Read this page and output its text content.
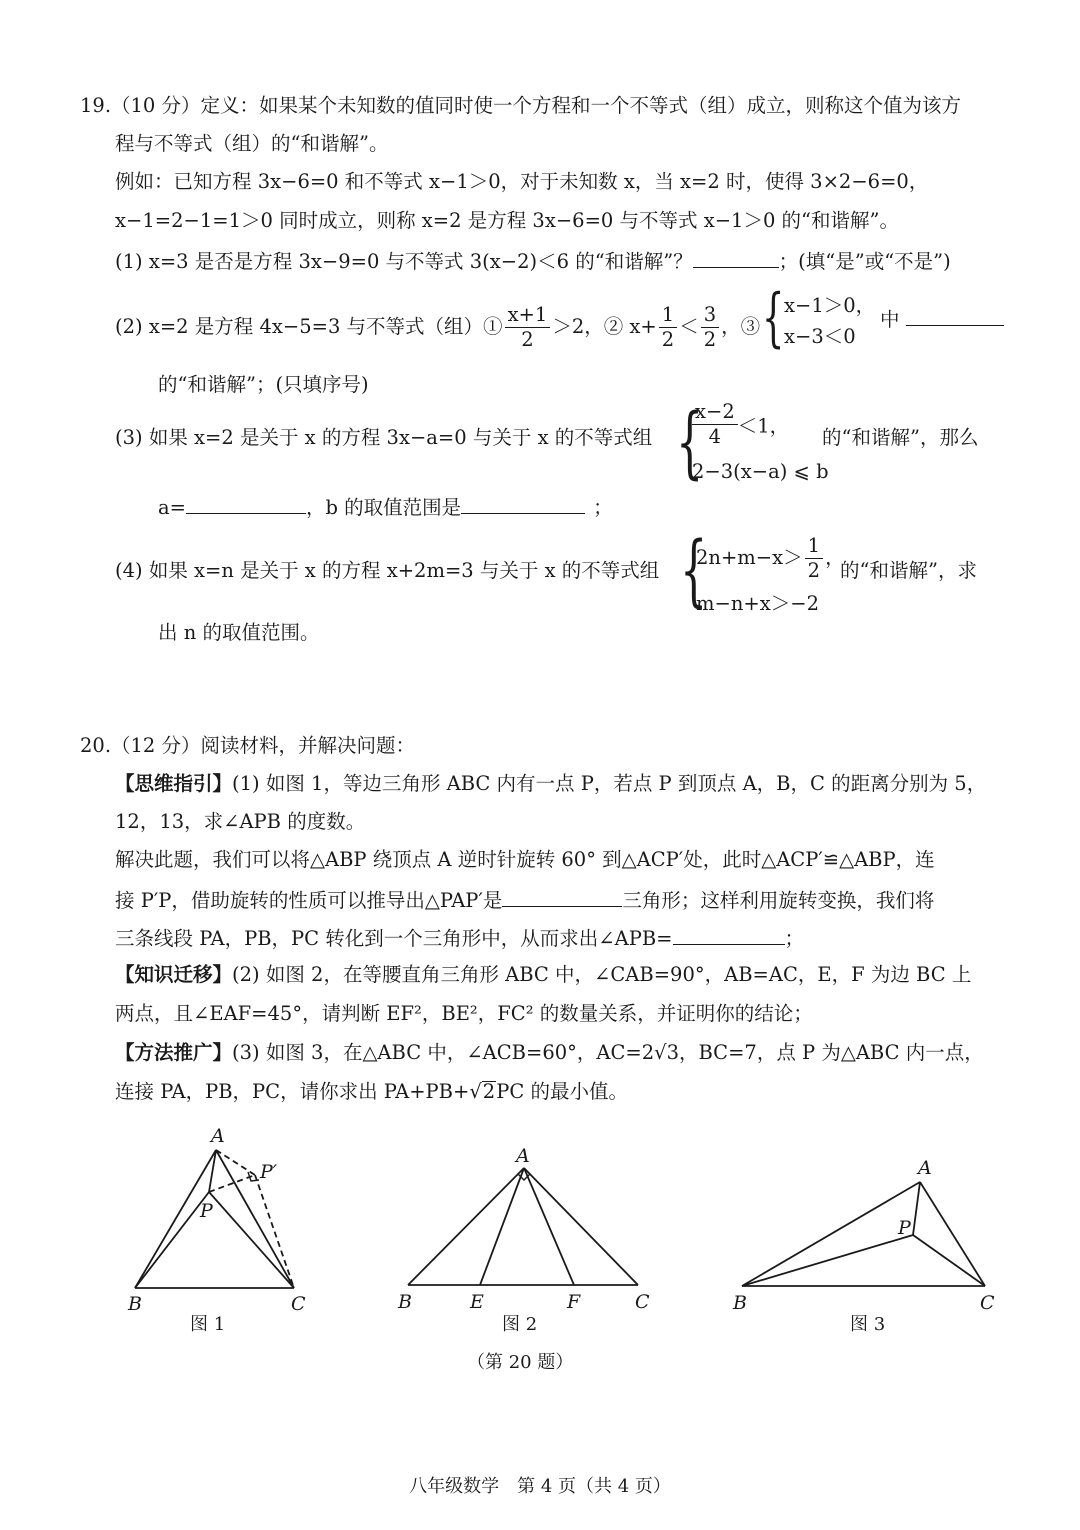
19.（10 分）定义：如果某个未知数的值同时使一个方程和一个不等式（组）成立，则称这个值为该方
程与不等式（组）的“和谐解”。
例如：已知方程 3x−6=0 和不等式 x−1＞0，对于未知数 x，当 x=2 时，使得 3×2−6=0，
x−1=2−1=1＞0 同时成立，则称 x=2 是方程 3x−6=0 与不等式 x−1＞0 的“和谐解”。
(1) x=3 是否是方程 3x−9=0 与不等式 3(x−2)＜6 的“和谐解”？	；(填“是”或“不是”)
(2) x=2 是方程 4x−5=3 与不等式（组）① $\frac{x+1}{2} >2$，② $x+ \frac{1}{2} < \frac{3}{2}$ ，③ { x−1＞0，
x−3＜0
中
的“和谐解”；(只填序号)
(3) 如果 x=2 是关于 x 的方程 3x−a=0 与关于 x 的不等式组 {
$\frac{x-2}{4} <1$，
2−3(x−a) ⩽ b
的“和谐解”，那么
a=	，b 的取值范围是	；
(4) 如果 x=n 是关于 x 的方程 x+2m=3 与关于 x 的不等式组 {
$2n+m-x> \frac{1}{2}$ ，
m−n+x＞−2
的“和谐解”，求
出 n 的取值范围。
20.（12 分）阅读材料，并解决问题：
【思维指引】(1) 如图 1，等边三角形 ABC 内有一点 P，若点 P 到顶点 A，B，C 的距离分别为 5，
12，13，求∠APB 的度数。
解决此题，我们可以将△ABP 绕顶点 A 逆时针旋转 60° 到△ACP′处，此时△ACP′≌△ABP，连
接 P′P，借助旋转的性质可以推导出△PAP′是	三角形；这样利用旋转变换，我们将
三条线段 PA，PB，PC 转化到一个三角形中，从而求出∠APB=	；
【知识迁移】(2) 如图 2，在等腰直角三角形 ABC 中，∠CAB=90°，AB=AC，E，F 为边 BC 上
两点，且∠EAF=45°，请判断 EF²，BE²，FC² 的数量关系，并证明你的结论；
【方法推广】(3) 如图 3，在△ABC 中，∠ACB=60°，AC=2√3，BC=7，点 P 为△ABC 内一点，
连接 PA，PB，PC，请你求出 PA+PB+√2PC 的最小值。
A
B	C
P
P′
图 1
A
B	E	F	C
图 2
A
P
B	C
图 3
（第 20 题）
八年级数学　第 4 页（共 4 页）
